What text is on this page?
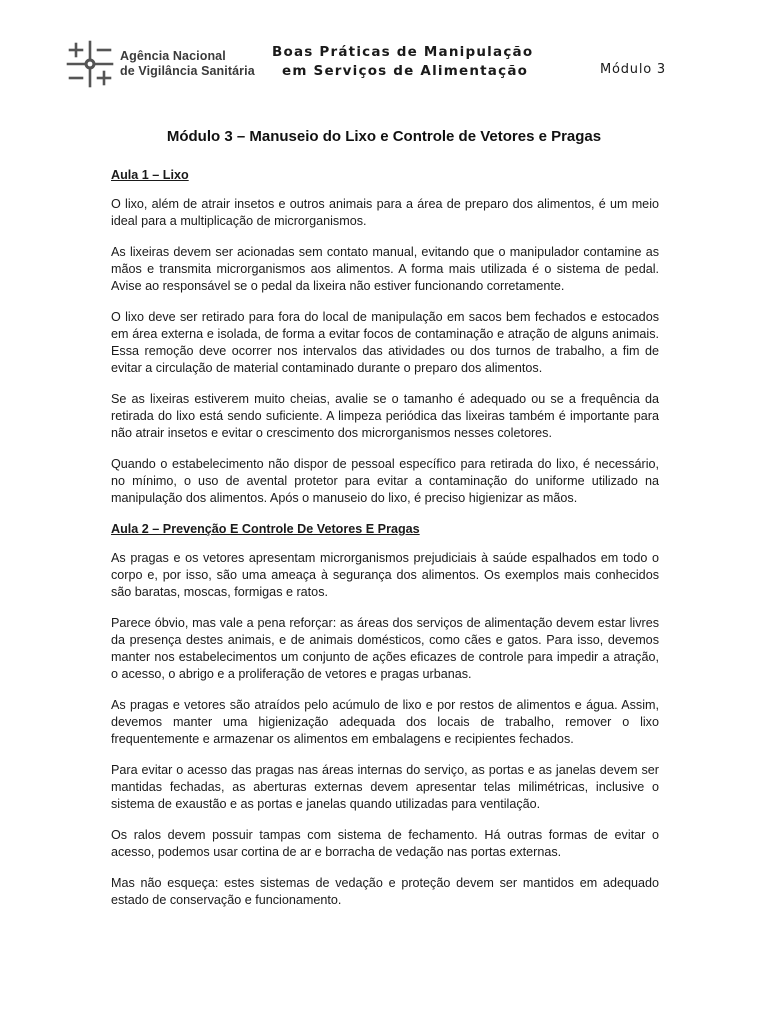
Agência Nacional
de Vigilância Sanitária
Boas Práticas de Manipulação
em Serviços de Alimentação	Módulo 3
Módulo 3 – Manuseio do Lixo e Controle de Vetores e Pragas
Aula 1 – Lixo

O lixo, além de atrair insetos e outros animais para a área de preparo dos alimentos, é um meio ideal para a multiplicação de microrganismos.

As lixeiras devem ser acionadas sem contato manual, evitando que o manipulador contamine as mãos e transmita microrganismos aos alimentos. A forma mais utilizada é o sistema de pedal. Avise ao responsável se o pedal da lixeira não estiver funcionando corretamente.

O lixo deve ser retirado para fora do local de manipulação em sacos bem fechados e estocados em área externa e isolada, de forma a evitar focos de contaminação e atração de alguns animais. Essa remoção deve ocorrer nos intervalos das atividades ou dos turnos de trabalho, a fim de evitar a circulação de material contaminado durante o preparo dos alimentos.

Se as lixeiras estiverem muito cheias, avalie se o tamanho é adequado ou se a frequência da retirada do lixo está sendo suficiente. A limpeza periódica das lixeiras também é importante para não atrair insetos e evitar o crescimento dos microrganismos nesses coletores.

Quando o estabelecimento não dispor de pessoal específico para retirada do lixo, é necessário, no mínimo, o uso de avental protetor para evitar a contaminação do uniforme utilizado na manipulação dos alimentos. Após o manuseio do lixo, é preciso higienizar as mãos.

Aula 2 – Prevenção E Controle De Vetores E Pragas

As pragas e os vetores apresentam microrganismos prejudiciais à saúde espalhados em todo o corpo e, por isso, são uma ameaça à segurança dos alimentos. Os exemplos mais conhecidos são baratas, moscas, formigas e ratos.

Parece óbvio, mas vale a pena reforçar: as áreas dos serviços de alimentação devem estar livres da presença destes animais, e de animais domésticos, como cães e gatos. Para isso, devemos manter nos estabelecimentos um conjunto de ações eficazes de controle para impedir a atração, o acesso, o abrigo e a proliferação de vetores e pragas urbanas.

As pragas e vetores são atraídos pelo acúmulo de lixo e por restos de alimentos e água. Assim, devemos manter uma higienização adequada dos locais de trabalho, remover o lixo frequentemente e armazenar os alimentos em embalagens e recipientes fechados.

Para evitar o acesso das pragas nas áreas internas do serviço, as portas e as janelas devem ser mantidas fechadas, as aberturas externas devem apresentar telas milimétricas, inclusive o sistema de exaustão e as portas e janelas quando utilizadas para ventilação.

Os ralos devem possuir tampas com sistema de fechamento. Há outras formas de evitar o acesso, podemos usar cortina de ar e borracha de vedação nas portas externas.

Mas não esqueça: estes sistemas de vedação e proteção devem ser mantidos em adequado estado de conservação e funcionamento.
